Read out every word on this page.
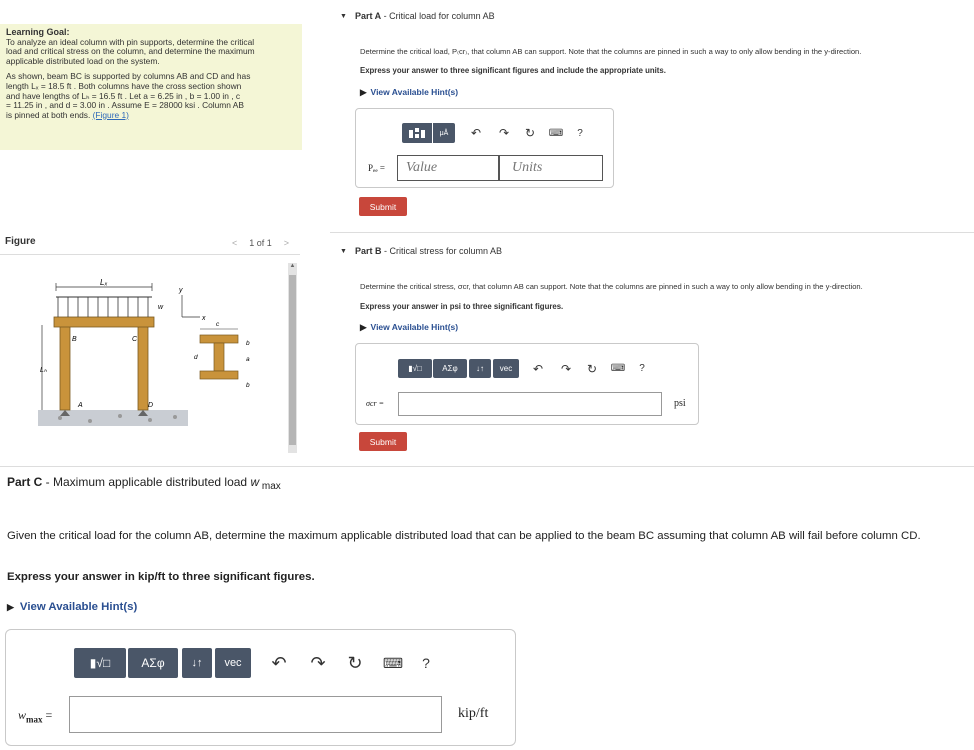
Learning Goal:

To analyze an ideal column with pin supports, determine the critical
load and critical stress on the column, and determine the maximum
applicable distributed load on the system.

As shown, beam BC is supported by columns AB and CD and has
length Lₓ = 18.5 ft . Both columns have the cross section shown
and have lengths of Lₕ = 16.5 ft . Let a = 6.25 in , b = 1.00 in , c
= 11.25 in , and d = 3.00 in . Assume E = 28000 ksi . Column AB
is pinned at both ends. (Figure 1)

Figure	< 1 of 1 >
Lₓ
w
Lₕ
B	C
A	D
y
x
c
d
b
a
b
▲
▼ Part A - Critical load for column AB
Determine the critical load, P₍cr₎, that column AB can support. Note that the columns are pinned in such a way to only allow bending in the y-direction.
Express your answer to three significant figures and include the appropriate units.
▶ View Available Hint(s)
μÅ	↶	↷	↻	⌨	?
Pₑₑ =
Value
Units
Submit
▼ Part B - Critical stress for column AB
Determine the critical stress, σcr, that column AB can support. Note that the columns are pinned in such a way to only allow bending in the y-direction.
Express your answer in psi to three significant figures.
▶ View Available Hint(s)
▮√□	ΑΣφ	↓↑	vec	↶	↷	↻	⌨	?
σcr =	psi
Submit
Part C - Maximum applicable distributed load w $_{max}$
Given the critical load for the column AB, determine the maximum applicable distributed load that can be applied to the beam BC assuming that column AB will fail before column CD.
Express your answer in kip/ft to three significant figures.
▶ View Available Hint(s)
▮√□	ΑΣφ	↓↑	vec	↶	↷	↻	⌨	?
$w_{max}$ =	kip/ft
